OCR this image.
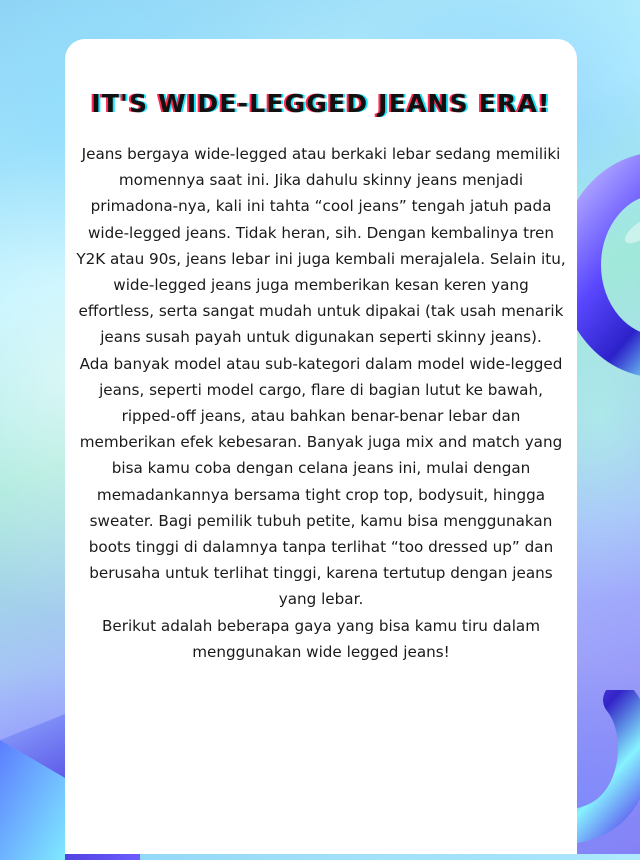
IT'S WIDE-LEGGED JEANS ERA!

Jeans bergaya wide-legged atau berkaki lebar sedang memiliki momennya saat ini. Jika dahulu skinny jeans menjadi primadona-nya, kali ini tahta “cool jeans” tengah jatuh pada wide-legged jeans. Tidak heran, sih. Dengan kembalinya tren Y2K atau 90s, jeans lebar ini juga kembali merajalela. Selain itu, wide-legged jeans juga memberikan kesan keren yang effortless, serta sangat mudah untuk dipakai (tak usah menarik jeans susah payah untuk digunakan seperti skinny jeans).

Ada banyak model atau sub-kategori dalam model wide-legged jeans, seperti model cargo, flare di bagian lutut ke bawah, ripped-off jeans, atau bahkan benar-benar lebar dan memberikan efek kebesaran. Banyak juga mix and match yang bisa kamu coba dengan celana jeans ini, mulai dengan memadankannya bersama tight crop top, bodysuit, hingga sweater. Bagi pemilik tubuh petite, kamu bisa menggunakan boots tinggi di dalamnya tanpa terlihat “too dressed up” dan berusaha untuk terlihat tinggi, karena tertutup dengan jeans yang lebar.

Berikut adalah beberapa gaya yang bisa kamu tiru dalam menggunakan wide legged jeans!
